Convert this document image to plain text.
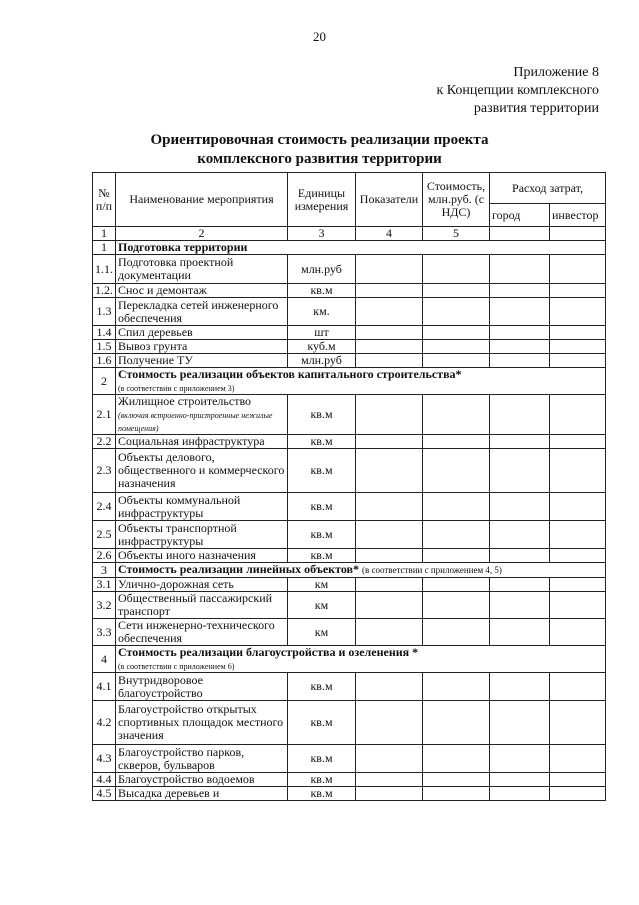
20
Приложение 8
к Концепции комплексного
развития территории
Ориентировочная стоимость реализации проекта
комплексного развития территории
№ п/п	Наименование мероприятия	Единицы измерения	Показатели	Стоимость, млн.руб. (с НДС)	Расход затрат,	
					город	инвестор
1	2	3	4	5		
1	Подготовка территории					
1.1.	Подготовка проектной документации	млн.руб				
1.2.	Снос и демонтаж	кв.м				
1.3	Перекладка сетей инженерного обеспечения	км.				
1.4	Спил деревьев	шт				
1.5	Вывоз грунта	куб.м				
1.6	Получение ТУ	млн.руб				
2	Стоимость реализации объектов капитального строительства*
(в соответствии с приложением 3)					
2.1	Жилищное строительство
(включая встроенно-пристроенные нежилые помещения)	кв.м				
2.2	Социальная инфраструктура	кв.м				
2.3	Объекты делового, общественного и коммерческого назначения	кв.м				
2.4	Объекты коммунальной инфраструктуры	кв.м				
2.5	Объекты транспортной инфраструктуры	кв.м				
2.6	Объекты иного назначения	кв.м				
3	Стоимость реализации линейных объектов* (в соответствии с приложением 4, 5)					
3.1	Улично-дорожная сеть	км				
3.2	Общественный пассажирский транспорт	км				
3.3	Сети инженерно-технического обеспечения	км				
4	Стоимость реализации благоустройства и озеленения *
(в соответствии с приложением 6)					
4.1	Внутридворовое благоустройство	кв.м				
4.2	Благоустройство открытых спортивных площадок местного значения	кв.м				
4.3	Благоустройство парков, скверов, бульваров	кв.м				
4.4	Благоустройство водоемов	кв.м				
4.5	Высадка деревьев и	кв.м				
